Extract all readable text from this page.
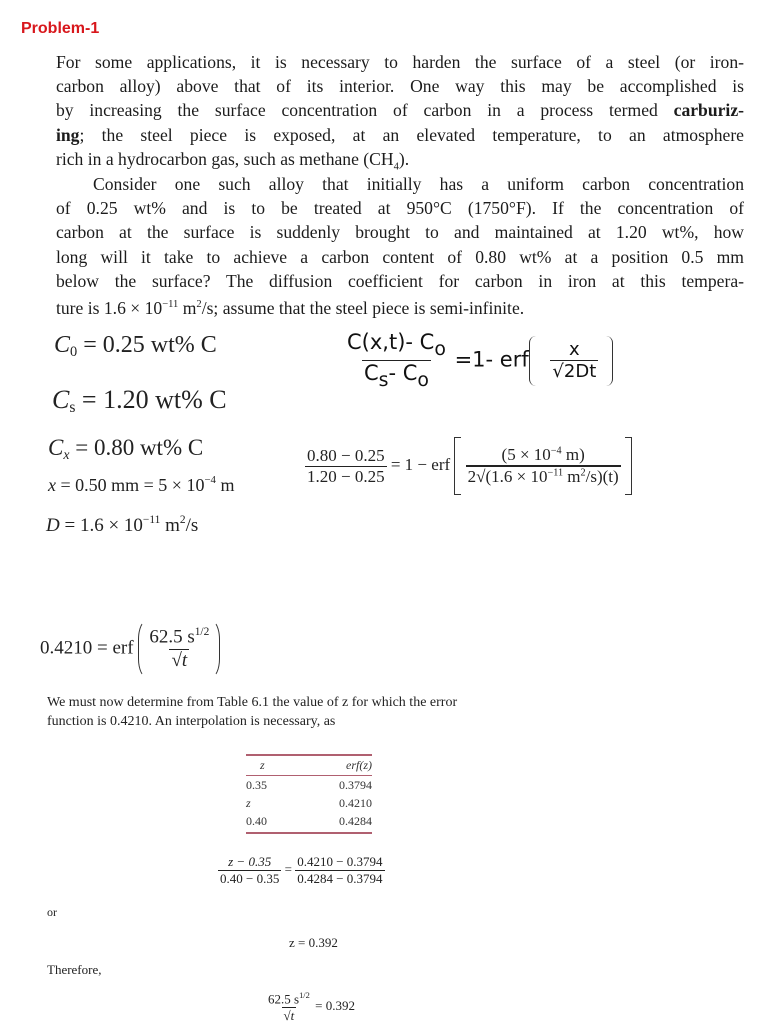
Problem-1
For some applications, it is necessary to harden the surface of a steel (or iron-
carbon alloy) above that of its interior. One way this may be accomplished is
by increasing the surface concentration of carbon in a process termed carburiz-
ing; the steel piece is exposed, at an elevated temperature, to an atmosphere
rich in a hydrocarbon gas, such as methane $(CH_4)$.
Consider one such alloy that initially has a uniform carbon concentration
of 0.25 wt% and is to be treated at 950°C (1750°F). If the concentration of
carbon at the surface is suddenly brought to and maintained at 1.20 wt%, how
long will it take to achieve a carbon content of 0.80 wt% at a position 0.5 mm
below the surface? The diffusion coefficient for carbon in iron at this tempera-
ture is $1.6 \times 10^{-11}$ $m^2/s$; assume that the steel piece is semi-infinite.
$C_0 = 0.25$ wt% C
$C_s = 1.20$ wt% C
$C_x = 0.80$ wt% C
x = 0.50 mm = $5 \times 10^{-4}$ m
$D = 1.6 \times 10^{-11}$ $m^2/s$
$\frac{C(x,t)- C_o}{C_s- C_o} =1-$ erf $\frac{x}{√2Dt}$
$\frac{0.80 - 0.25}{1.20 - 0.25} = 1$ − erf $\frac{(5 \times 10^{-4} m)}{2√(1.6 \times 10^{-11} m^2/s)(t)}$

0.4210 = erf $\frac{62.5 s^{1/2}}{√t}$
We must now determine from Table 6.1 the value of z for which the error
function is 0.4210. An interpolation is necessary, as
z	erf(z)
0.35	0.3794
z	0.4210
0.40	0.4284
$\frac{z - 0.35}{0.40 - 0.35} = \frac{0.4210 - 0.3794}{0.4284 - 0.3794}$
or
z = 0.392
Therefore,
$\frac{62.5 s^{1/2}}{√t} = 0.392$
